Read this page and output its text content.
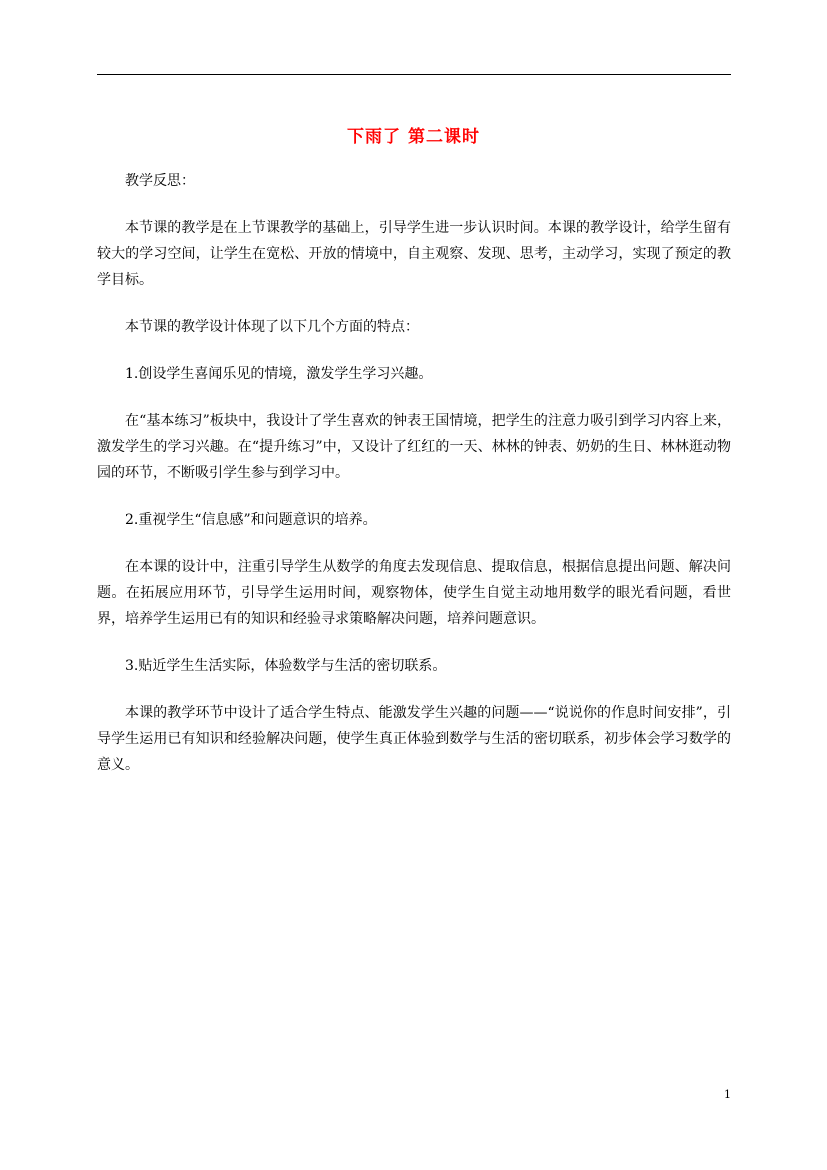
下雨了 第二课时

教学反思：

本节课的教学是在上节课教学的基础上，引导学生进一步认识时间。本课的教学设计，给学生留有较大的学习空间，让学生在宽松、开放的情境中，自主观察、发现、思考，主动学习，实现了预定的教学目标。

本节课的教学设计体现了以下几个方面的特点：

1.创设学生喜闻乐见的情境，激发学生学习兴趣。

在“基本练习”板块中，我设计了学生喜欢的钟表王国情境，把学生的注意力吸引到学习内容上来，激发学生的学习兴趣。在“提升练习”中，又设计了红红的一天、林林的钟表、奶奶的生日、林林逛动物园的环节，不断吸引学生参与到学习中。

2.重视学生“信息感”和问题意识的培养。

在本课的设计中，注重引导学生从数学的角度去发现信息、提取信息，根据信息提出问题、解决问题。在拓展应用环节，引导学生运用时间，观察物体，使学生自觉主动地用数学的眼光看问题，看世界，培养学生运用已有的知识和经验寻求策略解决问题，培养问题意识。

3.贴近学生生活实际，体验数学与生活的密切联系。

本课的教学环节中设计了适合学生特点、能激发学生兴趣的问题——“说说你的作息时间安排”，引导学生运用已有知识和经验解决问题，使学生真正体验到数学与生活的密切联系，初步体会学习数学的意义。

1
